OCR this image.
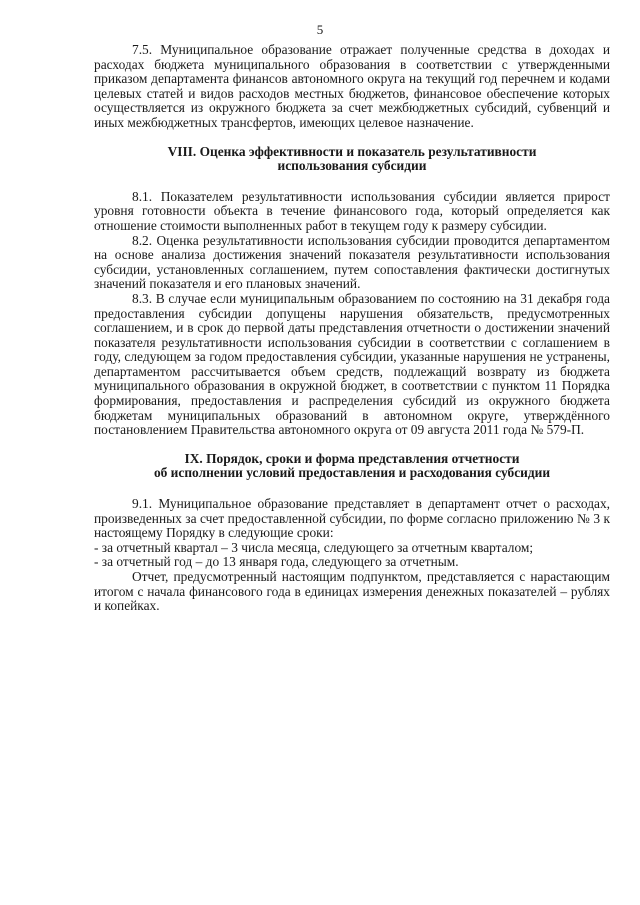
5

7.5. Муниципальное образование отражает полученные средства в доходах и расходах бюджета муниципального образования в соответствии с утвержденными приказом департамента финансов автономного округа на текущий год перечнем и кодами целевых статей и видов расходов местных бюджетов, финансовое обеспечение которых осуществляется из окружного бюджета за счет межбюджетных субсидий, субвенций и иных межбюджетных трансфертов, имеющих целевое назначение.

VIII. Оценка эффективности и показатель результативности
использования субсидии

8.1. Показателем результативности использования субсидии является прирост уровня готовности объекта в течение финансового года, который определяется как отношение стоимости выполненных работ в текущем году к размеру субсидии.

8.2. Оценка результативности использования субсидии проводится департаментом на основе анализа достижения значений показателя результативности использования субсидии, установленных соглашением, путем сопоставления фактически достигнутых значений показателя и его плановых значений.

8.3. В случае если муниципальным образованием по состоянию на 31 декабря года предоставления субсидии допущены нарушения обязательств, предусмотренных соглашением, и в срок до первой даты представления отчетности о достижении значений показателя результативности использования субсидии в соответствии с соглашением в году, следующем за годом предоставления субсидии, указанные нарушения не устранены, департаментом рассчитывается объем средств, подлежащий возврату из бюджета муниципального образования в окружной бюджет, в соответствии с пунктом 11 Порядка формирования, предоставления и распределения субсидий из окружного бюджета бюджетам муниципальных образований в автономном округе, утверждённого постановлением Правительства автономного округа от 09 августа 2011 года № 579-П.

IX. Порядок, сроки и форма представления отчетности
об исполнении условий предоставления и расходования субсидии

9.1. Муниципальное образование представляет в департамент отчет о расходах, произведенных за счет предоставленной субсидии, по форме согласно приложению № 3 к настоящему Порядку в следующие сроки:

- за отчетный квартал – 3 числа месяца, следующего за отчетным кварталом;

- за отчетный год – до 13 января года, следующего за отчетным.

Отчет, предусмотренный настоящим подпунктом, представляется с нарастающим итогом с начала финансового года в единицах измерения денежных показателей – рублях и копейках.
